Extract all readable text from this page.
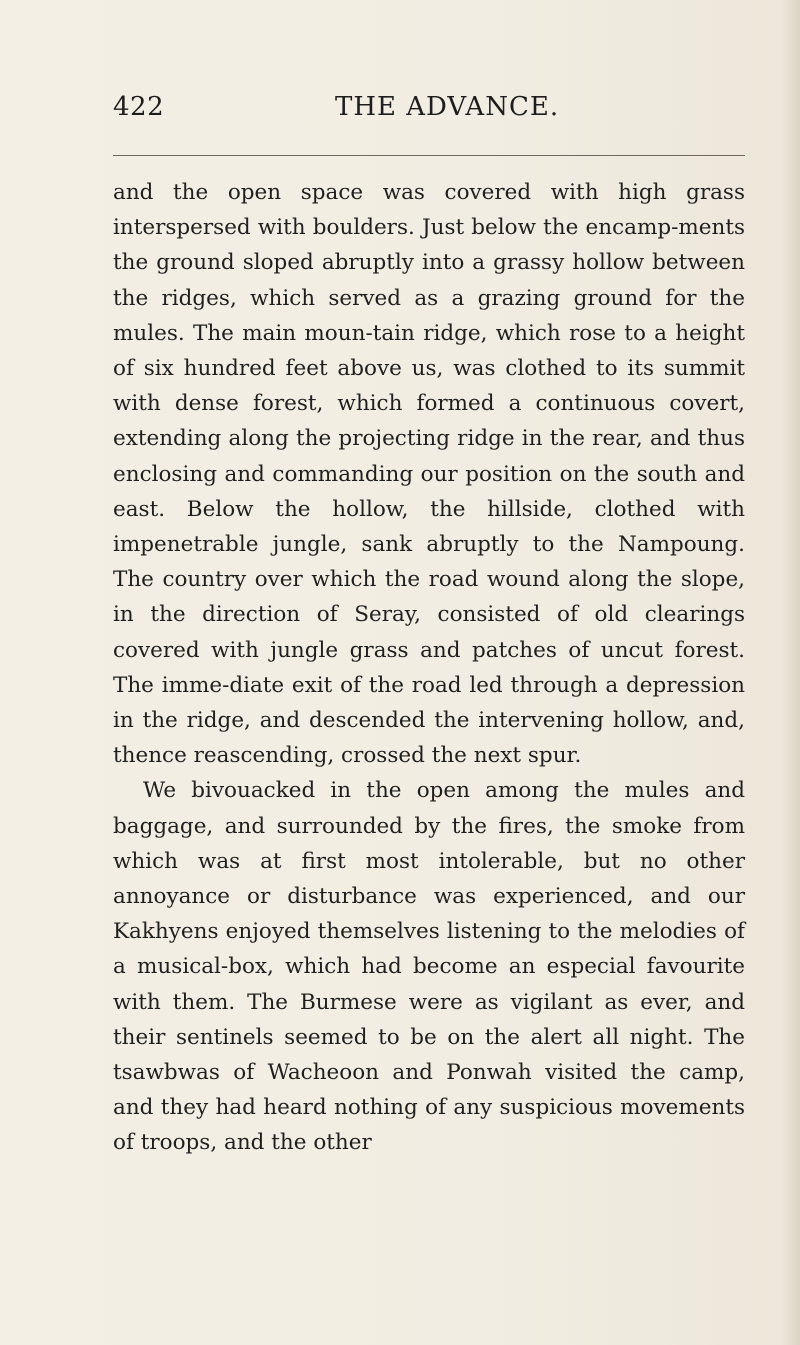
422	THE ADVANCE.

and the open space was covered with high grass interspersed with boulders. Just below the encamp-ments the ground sloped abruptly into a grassy hollow between the ridges, which served as a grazing ground for the mules. The main moun-tain ridge, which rose to a height of six hundred feet above us, was clothed to its summit with dense forest, which formed a continuous covert, extending along the projecting ridge in the rear, and thus enclosing and commanding our position on the south and east. Below the hollow, the hillside, clothed with impenetrable jungle, sank abruptly to the Nampoung. The country over which the road wound along the slope, in the direction of Seray, consisted of old clearings covered with jungle grass and patches of uncut forest. The imme-diate exit of the road led through a depression in the ridge, and descended the intervening hollow, and, thence reascending, crossed the next spur.

We bivouacked in the open among the mules and baggage, and surrounded by the fires, the smoke from which was at first most intolerable, but no other annoyance or disturbance was experienced, and our Kakhyens enjoyed themselves listening to the melodies of a musical-box, which had become an especial favourite with them. The Burmese were as vigilant as ever, and their sentinels seemed to be on the alert all night. The tsawbwas of Wacheoon and Ponwah visited the camp, and they had heard nothing of any suspicious movements of troops, and the other
